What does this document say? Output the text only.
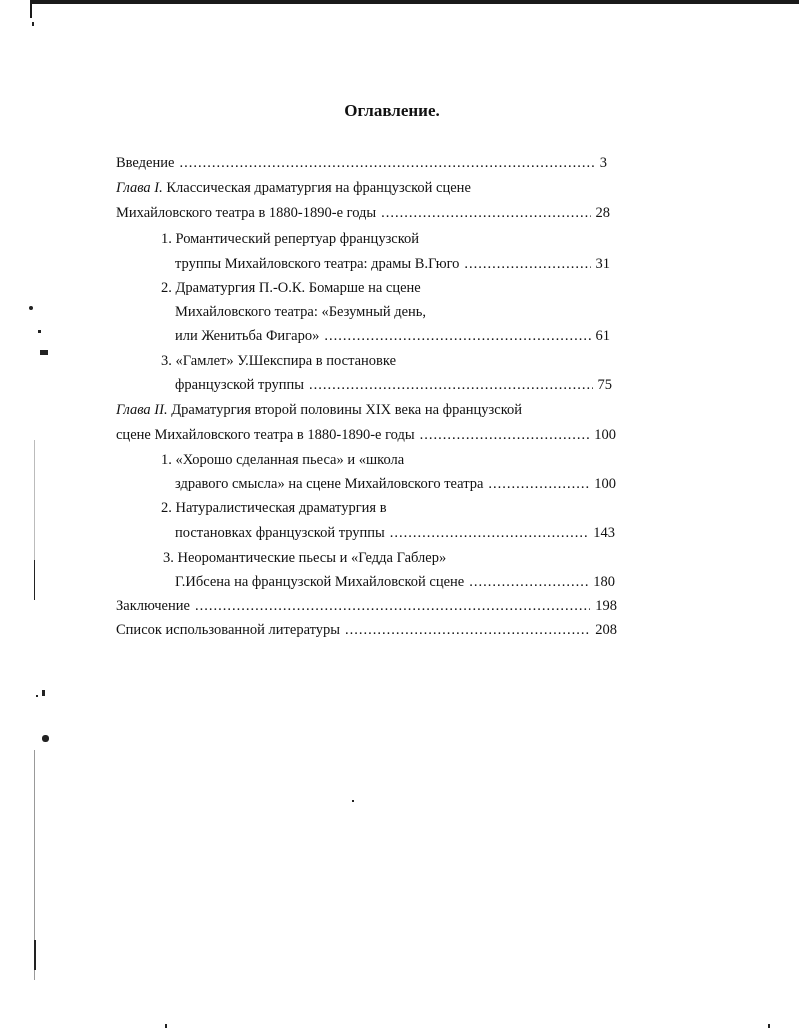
Оглавление.
Введение .....	3
Глава I. Классическая драматургия на французской сцене
Михайловского театра в 1880-1890-е годы .....	28
1. Романтический репертуар французской
труппы Михайловского театра: драмы В.Гюго .....	31
2. Драматургия П.-О.К. Бомарше на сцене
Михайловского театра: «Безумный день,
или Женитьба Фигаро» .....	61
3. «Гамлет» У.Шекспира в постановке
французской труппы .....	75
Глава II. Драматургия второй половины XIX века на французской
сцене Михайловского театра в 1880-1890-е годы .....	100
1. «Хорошо сделанная пьеса» и «школа
здравого смысла» на сцене Михайловского театра .....	100
2. Натуралистическая драматургия в
постановках французской труппы .....	143
3. Неоромантические пьесы и «Гедда Габлер»
Г.Ибсена на французской Михайловской сцене .....	180
Заключение .....	198
Список использованной литературы .....	208
